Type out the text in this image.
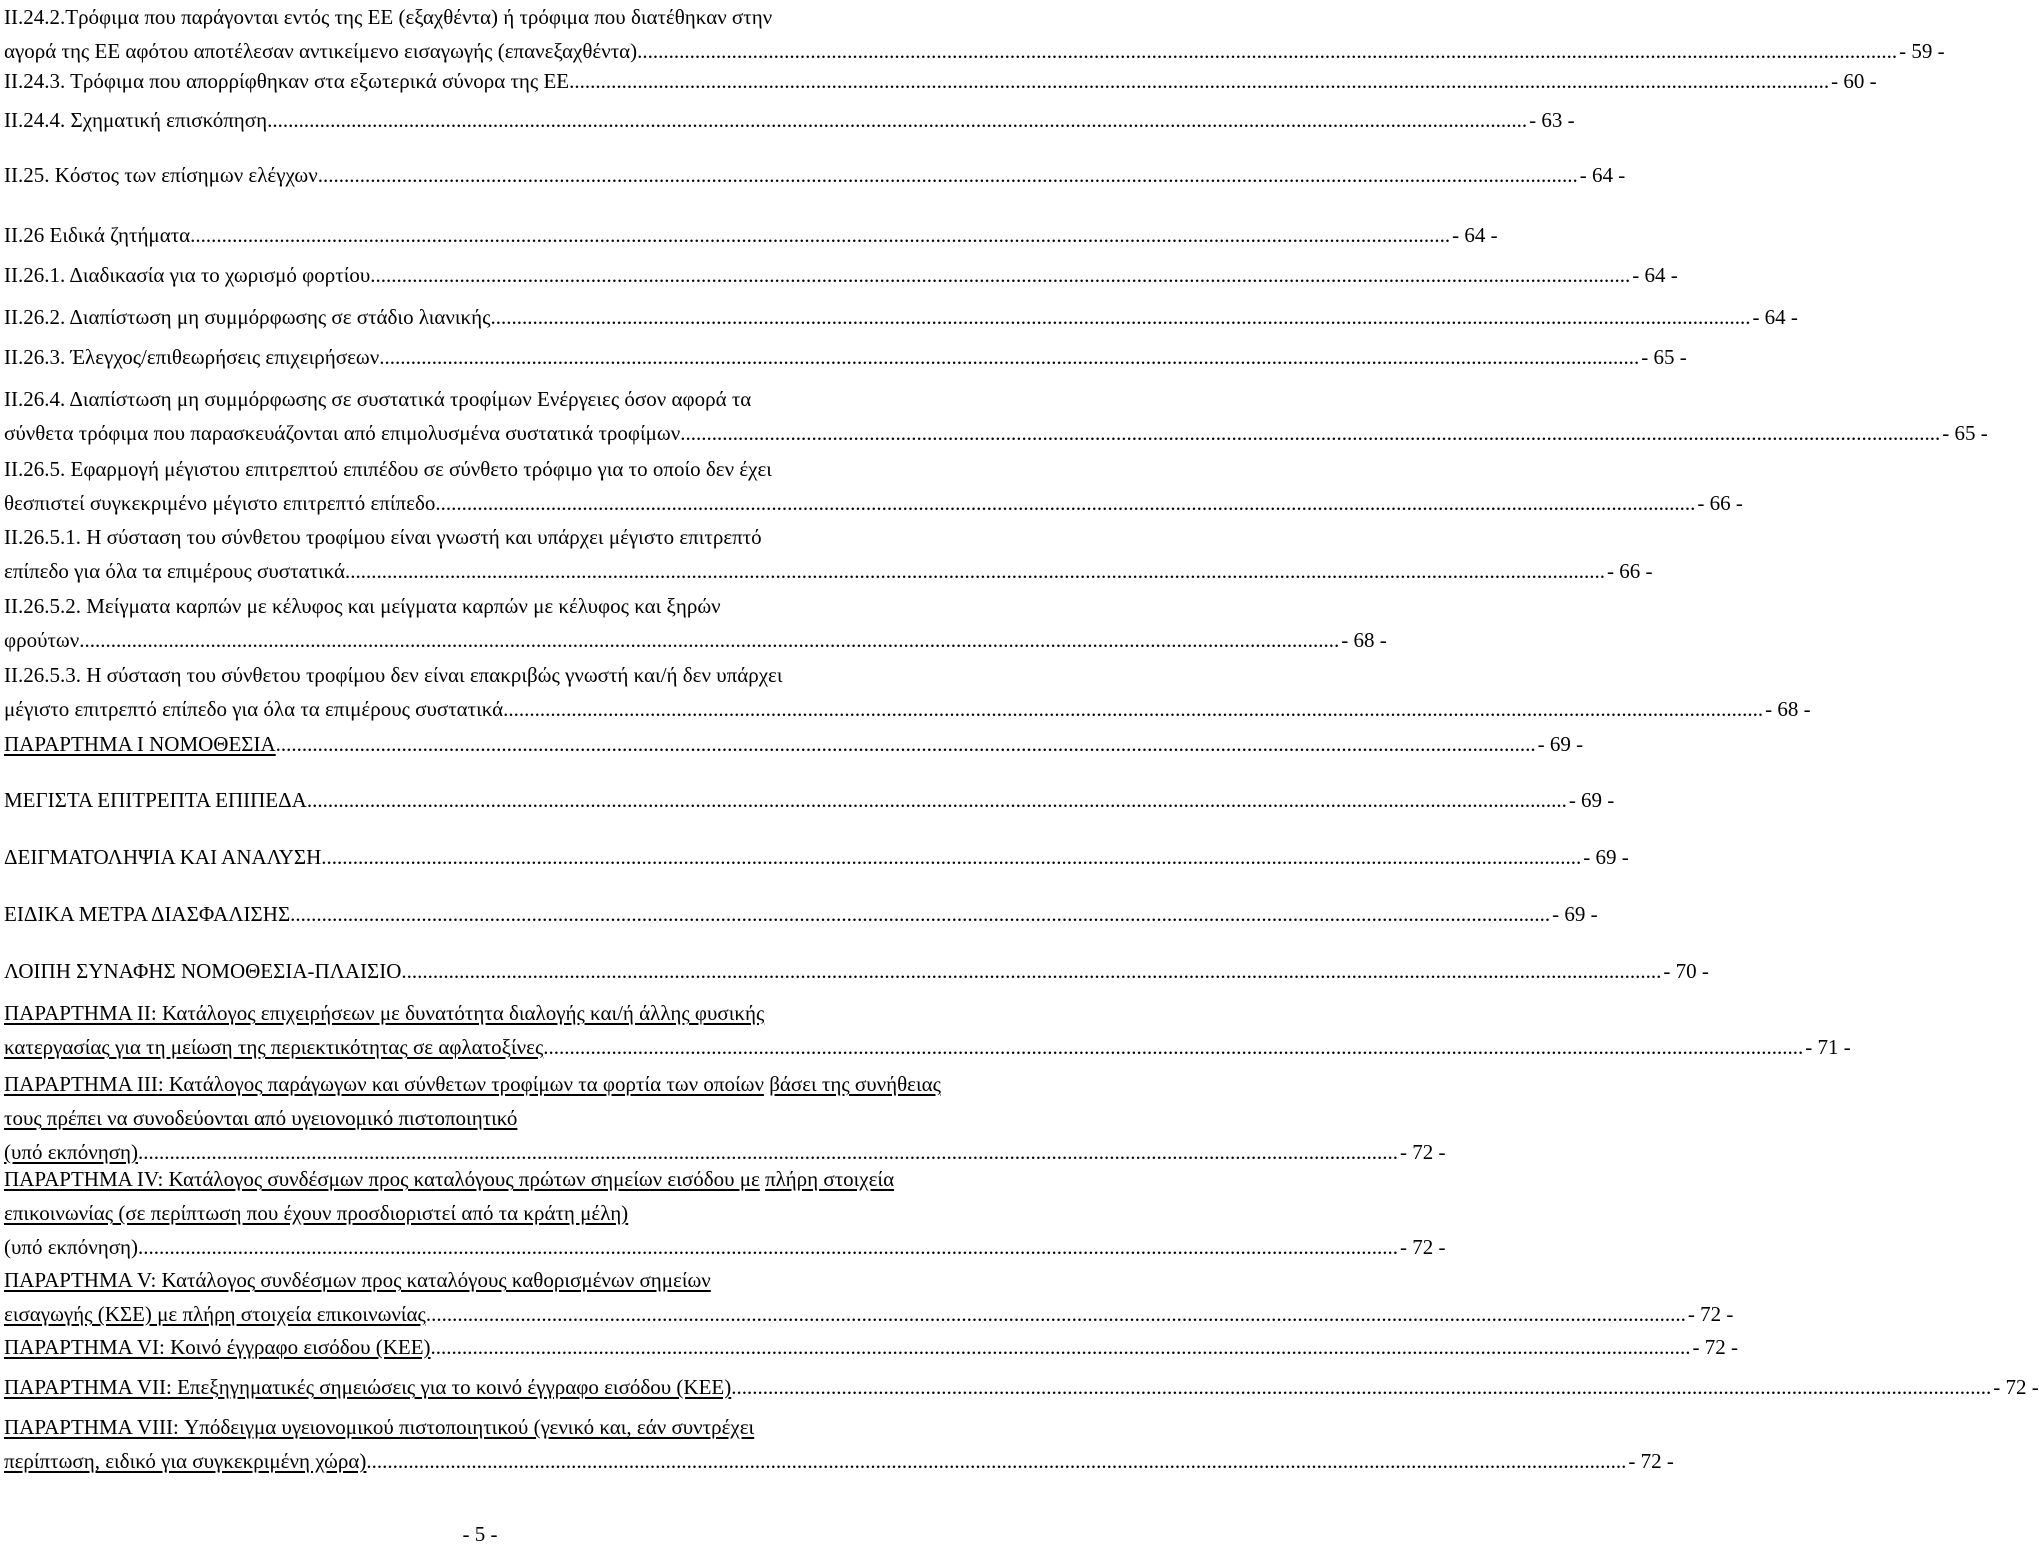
ΙΙ.24.2.Τρόφιμα που παράγονται εντός της ΕΕ (εξαχθέντα) ή τρόφιμα που διατέθηκαν στην
αγορά της ΕΕ αφότου αποτέλεσαν αντικείμενο εισαγωγής (επανεξαχθέντα) .....	- 59 -
ΙΙ.24.3. Τρόφιμα που απορρίφθηκαν στα εξωτερικά σύνορα της ΕΕ .....	- 60 -
ΙΙ.24.4. Σχηματική επισκόπηση .....	- 63 -
ΙΙ.25. Κόστος των επίσημων ελέγχων .....	- 64 -
ΙΙ.26 Ειδικά ζητήματα .....	- 64 -
ΙΙ.26.1. Διαδικασία για το χωρισμό φορτίου .....	- 64 -
ΙΙ.26.2. Διαπίστωση μη συμμόρφωσης σε στάδιο λιανικής .....	- 64 -
ΙΙ.26.3. Έλεγχος/επιθεωρήσεις επιχειρήσεων .....	- 65 -
ΙΙ.26.4. Διαπίστωση μη συμμόρφωσης σε συστατικά τροφίμων Ενέργειες όσον αφορά τα
σύνθετα τρόφιμα που παρασκευάζονται από επιμολυσμένα συστατικά τροφίμων .....	- 65 -
ΙΙ.26.5. Εφαρμογή μέγιστου επιτρεπτού επιπέδου σε σύνθετο τρόφιμο για το οποίο δεν έχει
θεσπιστεί συγκεκριμένο μέγιστο επιτρεπτό επίπεδο .....	- 66 -
ΙΙ.26.5.1. Η σύσταση του σύνθετου τροφίμου είναι γνωστή και υπάρχει μέγιστο επιτρεπτό
επίπεδο για όλα τα επιμέρους συστατικά .....	- 66 -
ΙΙ.26.5.2. Μείγματα καρπών με κέλυφος και μείγματα καρπών με κέλυφος και ξηρών
φρούτων .....	- 68 -
ΙΙ.26.5.3. Η σύσταση του σύνθετου τροφίμου δεν είναι επακριβώς γνωστή και/ή δεν υπάρχει
μέγιστο επιτρεπτό επίπεδο για όλα τα επιμέρους συστατικά .....	- 68 -
ΠΑΡΑΡΤΗΜΑ Ι ΝΟΜΟΘΕΣΙΑ .....	- 69 -
ΜΕΓΙΣΤΑ ΕΠΙΤΡΕΠΤΑ ΕΠΙΠΕΔΑ .....	- 69 -
ΔΕΙΓΜΑΤΟΛΗΨΙΑ ΚΑΙ ΑΝΑΛΥΣΗ .....	- 69 -
ΕΙΔΙΚΑ ΜΕΤΡΑ ΔΙΑΣΦΑΛΙΣΗΣ .....	- 69 -
ΛΟΙΠΗ ΣΥΝΑΦΗΣ ΝΟΜΟΘΕΣΙΑ-ΠΛΑΙΣΙΟ .....	- 70 -
ΠΑΡΑΡΤΗΜΑ ΙΙ: Κατάλογος επιχειρήσεων με δυνατότητα διαλογής και/ή άλλης φυσικής
κατεργασίας για τη μείωση της περιεκτικότητας σε αφλατοξίνες .....	- 71 -
ΠΑΡΑΡΤΗΜΑ ΙΙΙ: Κατάλογος παράγωγων και σύνθετων τροφίμων τα φορτία των οποίων βάσει της συνήθειας τους πρέπει να συνοδεύονται από υγειονομικό πιστοποιητικό
(υπό εκπόνηση) .....	- 72 -
ΠΑΡΑΡΤΗΜΑ ΙV: Κατάλογος συνδέσμων προς καταλόγους πρώτων σημείων εισόδου με πλήρη στοιχεία επικοινωνίας (σε περίπτωση που έχουν προσδιοριστεί από τα κράτη μέλη)
(υπό εκπόνηση) .....	- 72 -
ΠΑΡΑΡΤΗΜΑ V: Κατάλογος συνδέσμων προς καταλόγους καθορισμένων σημείων
εισαγωγής (ΚΣΕ) με πλήρη στοιχεία επικοινωνίας .....	- 72 -
ΠΑΡΑΡΤΗΜΑ VI: Κοινό έγγραφο εισόδου (ΚΕΕ) .....	- 72 -
ΠΑΡΑΡΤΗΜΑ VII: Επεξηγηματικές σημειώσεις για το κοινό έγγραφο εισόδου (ΚΕΕ) .....	- 72 -
ΠΑΡΑΡΤΗΜΑ VIII: Υπόδειγμα υγειονομικού πιστοποιητικού (γενικό και, εάν συντρέχει
περίπτωση, ειδικό για συγκεκριμένη χώρα) .....	- 72 -
- 5 -
